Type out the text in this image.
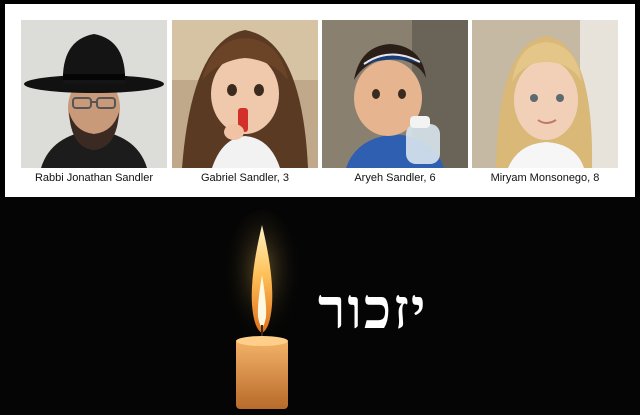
Rabbi Jonathan Sandler	Gabriel Sandler, 3	Aryeh Sandler, 6	Miryam Monsonego, 8
יזכור
